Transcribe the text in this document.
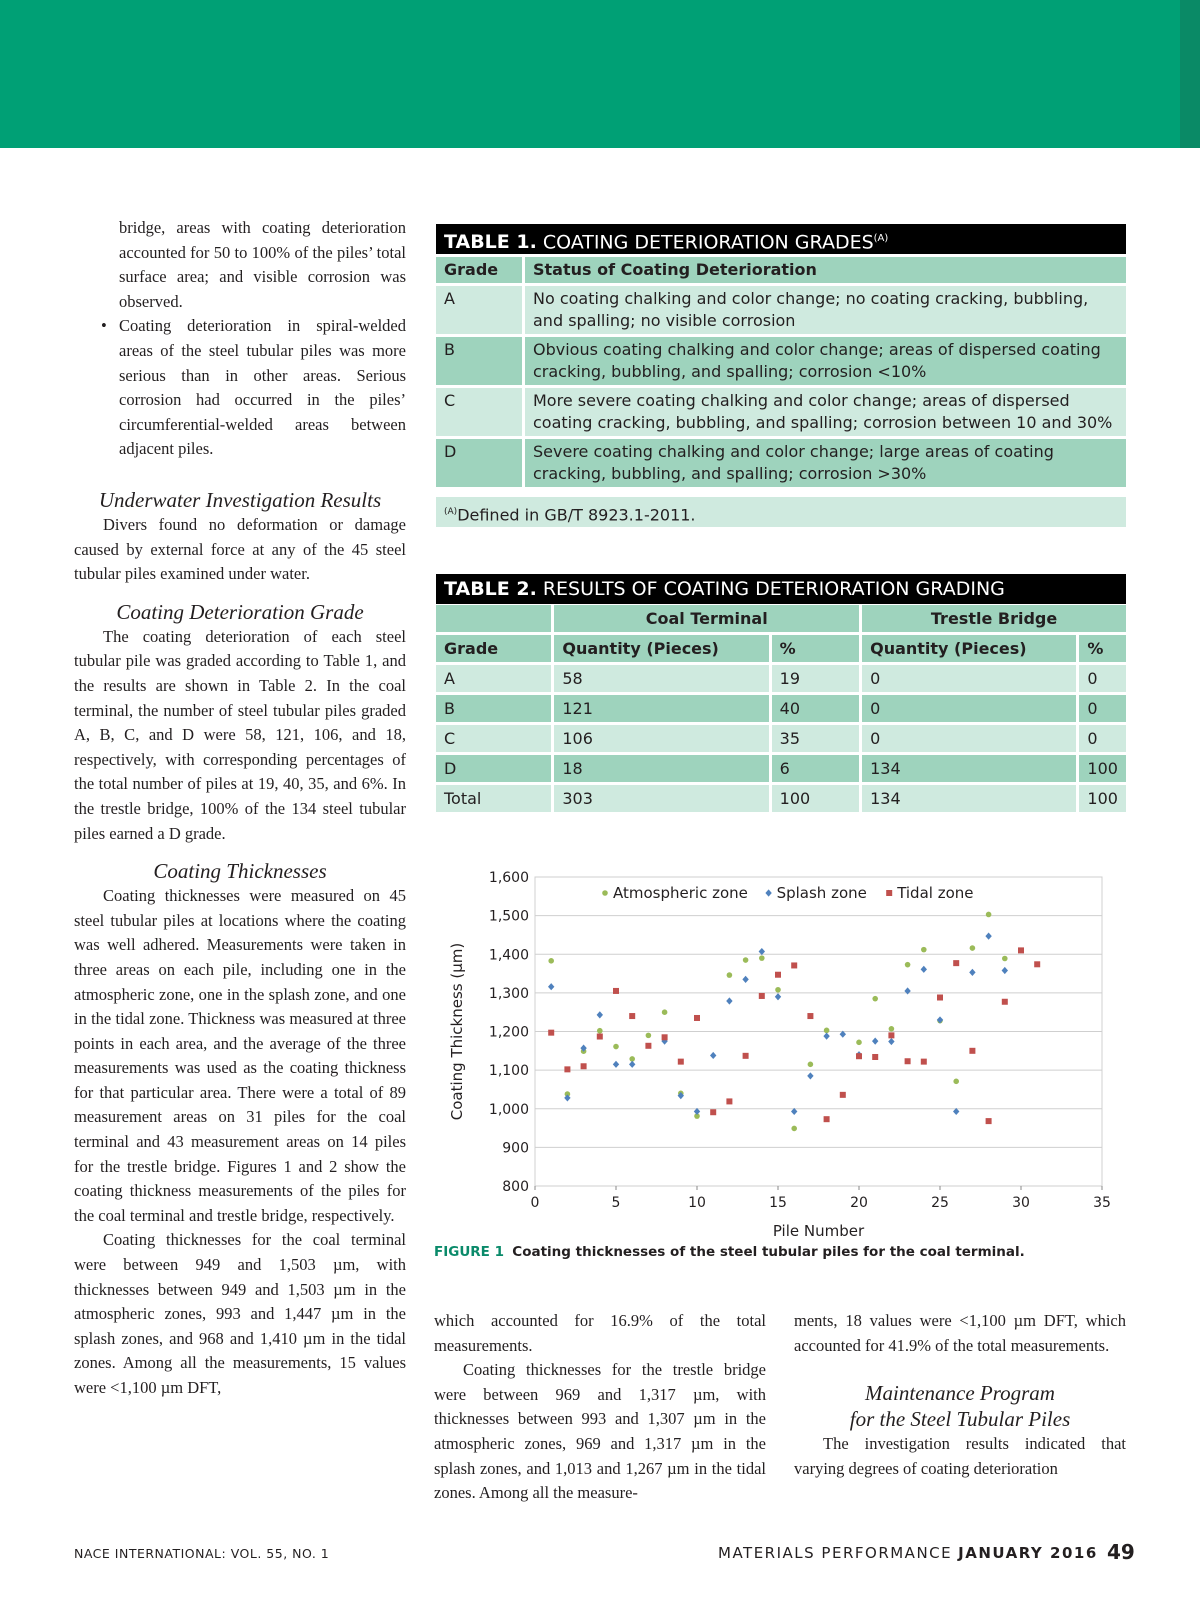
bridge, areas with coating deterioration accounted for 50 to 100% of the piles’ total surface area; and visible corrosion was observed.
• Coating deterioration in spiral-welded areas of the steel tubular piles was more serious than in other areas. Serious corrosion had occurred in the piles’ circumferential-welded areas between adjacent piles.
Underwater Investigation Results

Divers found no deformation or damage caused by external force at any of the 45 steel tubular piles examined under water.

Coating Deterioration Grade

The coating deterioration of each steel tubular pile was graded according to Table 1, and the results are shown in Table 2. In the coal terminal, the number of steel tubular piles graded A, B, C, and D were 58, 121, 106, and 18, respectively, with corresponding percentages of the total number of piles at 19, 40, 35, and 6%. In the trestle bridge, 100% of the 134 steel tubular piles earned a D grade.

Coating Thicknesses

Coating thicknesses were measured on 45 steel tubular piles at locations where the coating was well adhered. Measurements were taken in three areas on each pile, including one in the atmospheric zone, one in the splash zone, and one in the tidal zone. Thickness was measured at three points in each area, and the average of the three measurements was used as the coating thickness for that particular area. There were a total of 89 measurement areas on 31 piles for the coal terminal and 43 measurement areas on 14 piles for the trestle bridge. Figures 1 and 2 show the coating thickness measurements of the piles for the coal terminal and trestle bridge, respectively.

Coating thicknesses for the coal terminal were between 949 and 1,503 µm, with thicknesses between 949 and 1,503 µm in the atmospheric zones, 993 and 1,447 µm in the splash zones, and 968 and 1,410 µm in the tidal zones. Among all the measurements, 15 values were <1,100 µm DFT,

TABLE 1. COATING DETERIORATION $GRADES^{(A)}$
Grade	Status of Coating Deterioration
A	No coating chalking and color change; no coating cracking, bubbling, and spalling; no visible corrosion
B	Obvious coating chalking and color change; areas of dispersed coating cracking, bubbling, and spalling; corrosion <10%
C	More severe coating chalking and color change; areas of dispersed coating cracking, bubbling, and spalling; corrosion between 10 and 30%
D	Severe coating chalking and color change; large areas of coating cracking, bubbling, and spalling; corrosion >30%
$^{(A)}$Defined in GB/T 8923.1-2011.
TABLE 2. RESULTS OF COATING DETERIORATION GRADING
	Coal Terminal		Trestle Bridge	
Grade	Quantity (Pieces)	%	Quantity (Pieces)	%
A	58	19	0	0
B	121	40	0	0
C	106	35	0	0
D	18	6	134	100
Total	303	100	134	100
800
900
1,000
1,100
1,200
1,300
1,400
1,500
1,600
0	5	10	15	20	25	30	35
Pile Number
Coating Thickness (µm)
Atmospheric zone Splash zone Tidal zone
FIGURE 1 Coating thicknesses of the steel tubular piles for the coal terminal.

which accounted for 16.9% of the total measurements.

Coating thicknesses for the trestle bridge were between 969 and 1,317 µm, with thicknesses between 993 and 1,307 µm in the atmospheric zones, 969 and 1,317 µm in the splash zones, and 1,013 and 1,267 µm in the tidal zones. Among all the measure-

ments, 18 values were <1,100 µm DFT, which accounted for 41.9% of the total measurements.

Maintenance Program
for the Steel Tubular Piles

The investigation results indicated that varying degrees of coating deterioration

NACE INTERNATIONAL: VOL. 55, NO. 1	MATERIALS PERFORMANCE JANUARY 2016 49
